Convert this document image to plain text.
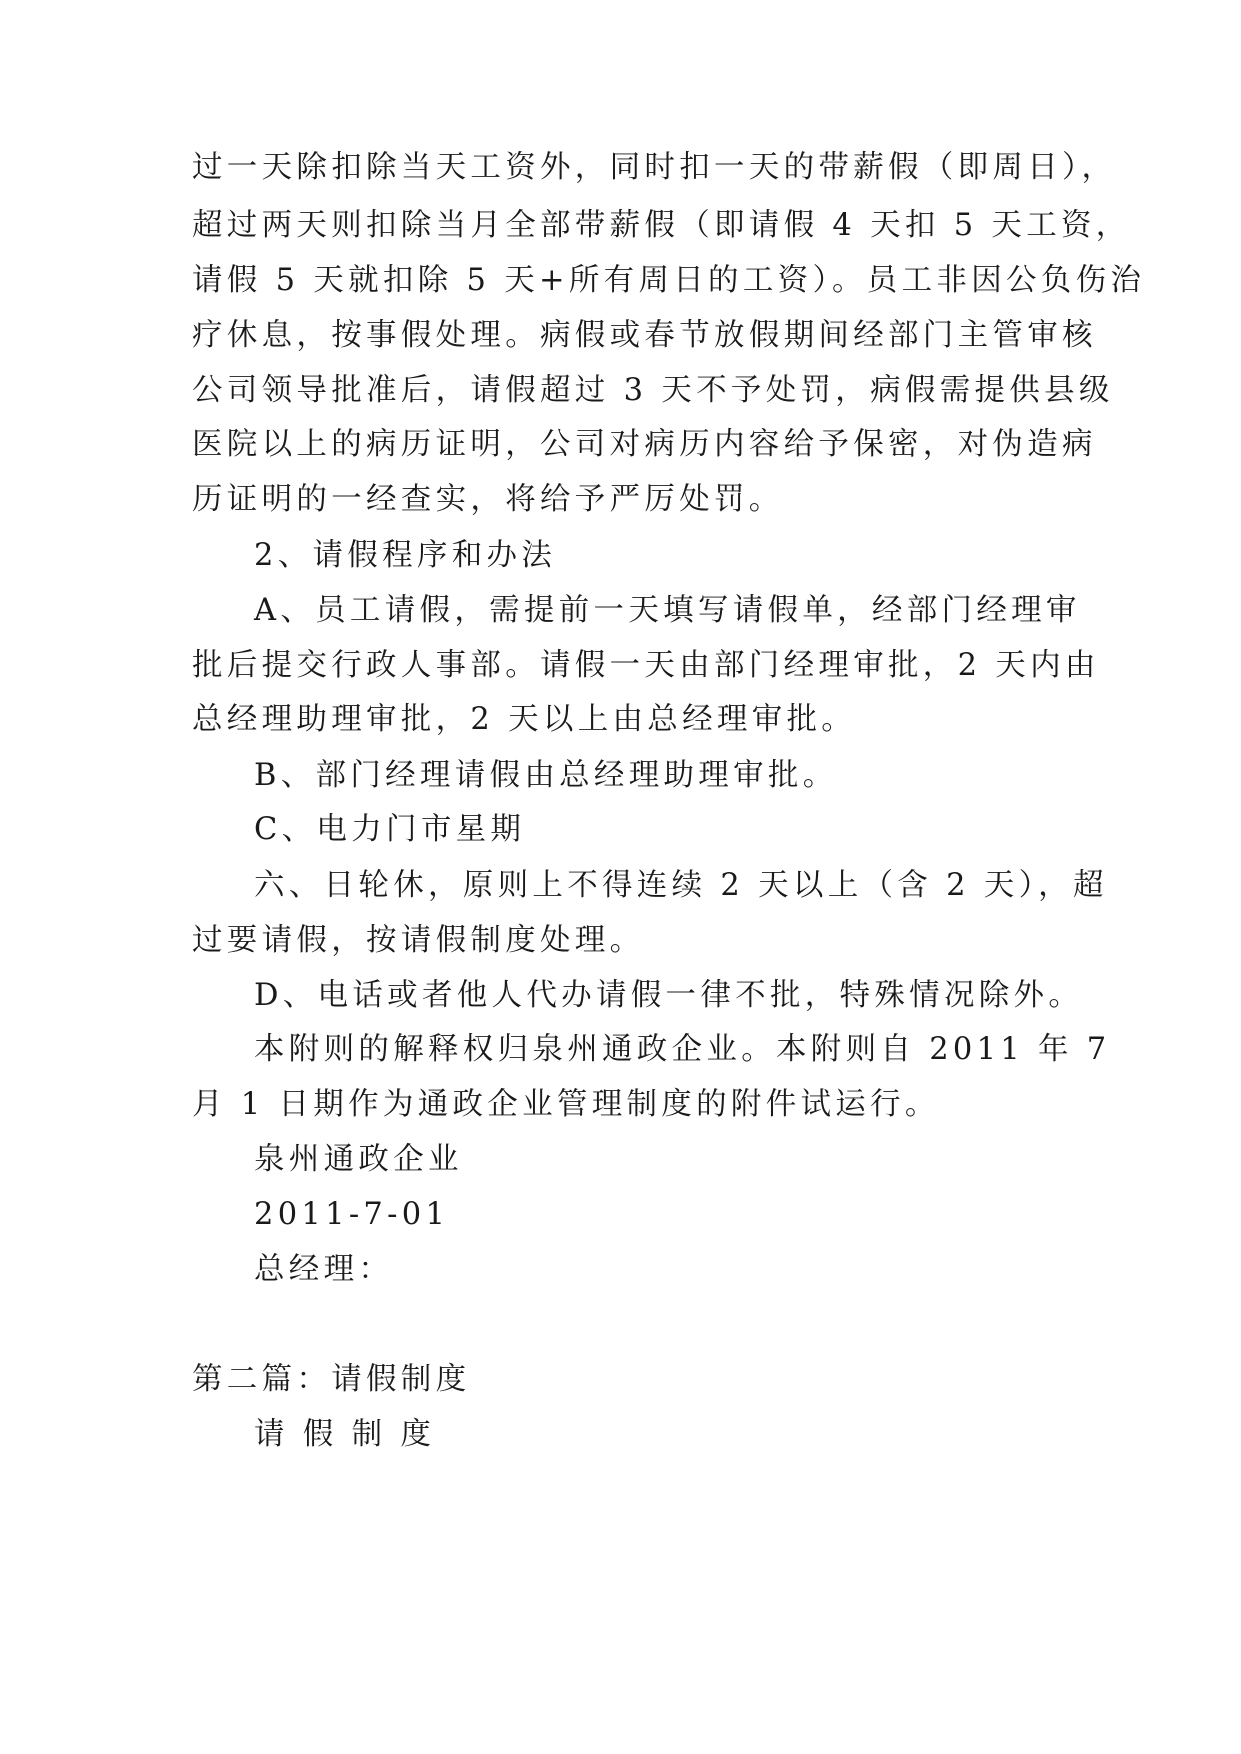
过一天除扣除当天工资外，同时扣一天的带薪假（即周日），
超过两天则扣除当月全部带薪假（即请假 4 天扣 5 天工资，
请假 5 天就扣除 5 天+所有周日的工资）。员工非因公负伤治
疗休息，按事假处理。病假或春节放假期间经部门主管审核
公司领导批准后，请假超过 3 天不予处罚，病假需提供县级
医院以上的病历证明，公司对病历内容给予保密，对伪造病
历证明的一经查实，将给予严厉处罚。
2、请假程序和办法
A、员工请假，需提前一天填写请假单，经部门经理审
批后提交行政人事部。请假一天由部门经理审批，2 天内由
总经理助理审批，2 天以上由总经理审批。
B、部门经理请假由总经理助理审批。
C、电力门市星期
六、日轮休，原则上不得连续 2 天以上（含 2 天），超
过要请假，按请假制度处理。
D、电话或者他人代办请假一律不批，特殊情况除外。
本附则的解释权归泉州通政企业。本附则自 2011 年 7
月 1 日期作为通政企业管理制度的附件试运行。
泉州通政企业
2011-7-01
总经理：
第二篇：请假制度
请 假 制 度
